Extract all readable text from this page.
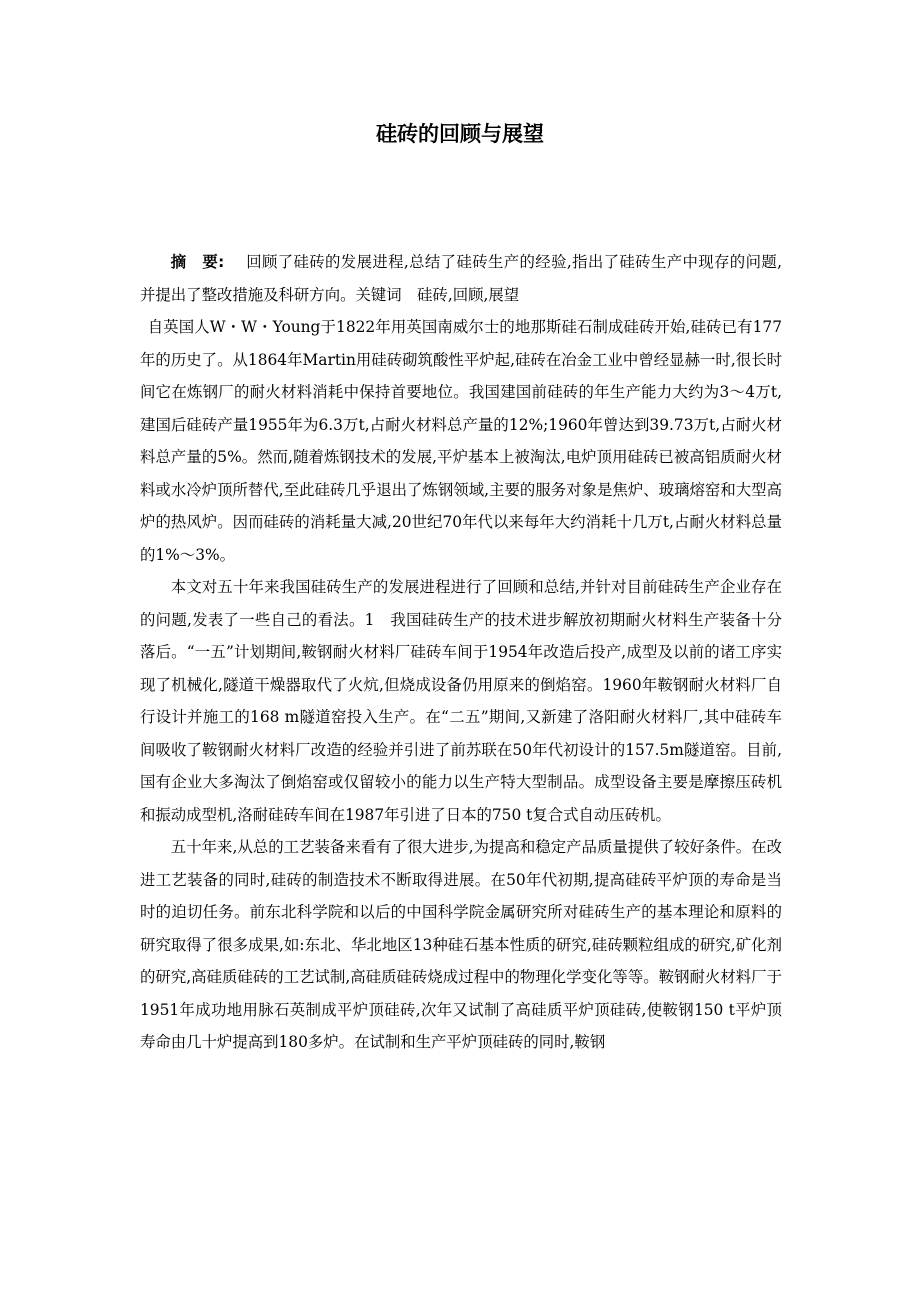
硅砖的回顾与展望

摘　要: 回顾了硅砖的发展进程,总结了硅砖生产的经验,指出了硅砖生产中现存的问题,并提出了整改措施及科研方向。关键词　硅砖,回顾,展望

自英国人W・W・Young于1822年用英国南威尔士的地那斯硅石制成硅砖开始,硅砖已有177年的历史了。从1864年Martin用硅砖砌筑酸性平炉起,硅砖在冶金工业中曾经显赫一时,很长时间它在炼钢厂的耐火材料消耗中保持首要地位。我国建国前硅砖的年生产能力大约为3～4万t,建国后硅砖产量1955年为6.3万t,占耐火材料总产量的12%;1960年曾达到39.73万t,占耐火材料总产量的5%。然而,随着炼钢技术的发展,平炉基本上被淘汰,电炉顶用硅砖已被高铝质耐火材料或水冷炉顶所替代,至此硅砖几乎退出了炼钢领域,主要的服务对象是焦炉、玻璃熔窑和大型高炉的热风炉。因而硅砖的消耗量大减,20世纪70年代以来每年大约消耗十几万t,占耐火材料总量的1%～3%。

本文对五十年来我国硅砖生产的发展进程进行了回顾和总结,并针对目前硅砖生产企业存在的问题,发表了一些自己的看法。1　我国硅砖生产的技术进步解放初期耐火材料生产装备十分落后。“一五”计划期间,鞍钢耐火材料厂硅砖车间于1954年改造后投产,成型及以前的诸工序实现了机械化,隧道干燥器取代了火炕,但烧成设备仍用原来的倒焰窑。1960年鞍钢耐火材料厂自行设计并施工的168 m隧道窑投入生产。在“二五”期间,又新建了洛阳耐火材料厂,其中硅砖车间吸收了鞍钢耐火材料厂改造的经验并引进了前苏联在50年代初设计的157.5m隧道窑。目前,国有企业大多淘汰了倒焰窑或仅留较小的能力以生产特大型制品。成型设备主要是摩擦压砖机和振动成型机,洛耐硅砖车间在1987年引进了日本的750 t复合式自动压砖机。

五十年来,从总的工艺装备来看有了很大进步,为提高和稳定产品质量提供了较好条件。在改进工艺装备的同时,硅砖的制造技术不断取得进展。在50年代初期,提高硅砖平炉顶的寿命是当时的迫切任务。前东北科学院和以后的中国科学院金属研究所对硅砖生产的基本理论和原料的研究取得了很多成果,如:东北、华北地区13种硅石基本性质的研究,硅砖颗粒组成的研究,矿化剂的研究,高硅质硅砖的工艺试制,高硅质硅砖烧成过程中的物理化学变化等等。鞍钢耐火材料厂于1951年成功地用脉石英制成平炉顶硅砖,次年又试制了高硅质平炉顶硅砖,使鞍钢150 t平炉顶寿命由几十炉提高到180多炉。在试制和生产平炉顶硅砖的同时,鞍钢
